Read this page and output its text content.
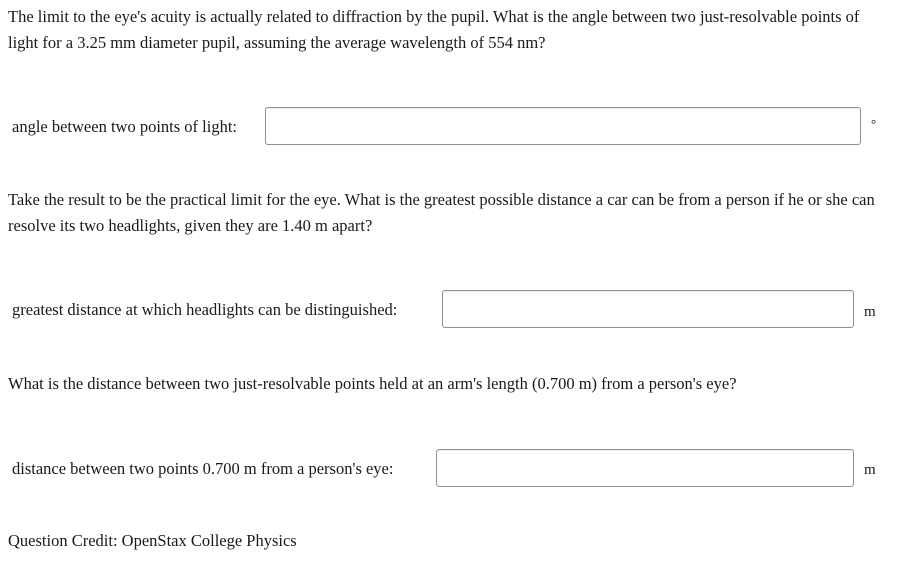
The limit to the eye's acuity is actually related to diffraction by the pupil. What is the angle between two just-resolvable points of light for a 3.25 mm diameter pupil, assuming the average wavelength of 554 nm?

angle between two points of light:	°

Take the result to be the practical limit for the eye. What is the greatest possible distance a car can be from a person if he or she can resolve its two headlights, given they are 1.40 m apart?

greatest distance at which headlights can be distinguished:	m

What is the distance between two just-resolvable points held at an arm's length (0.700 m) from a person's eye?

distance between two points 0.700 m from a person's eye:	m
Question Credit: OpenStax College Physics
